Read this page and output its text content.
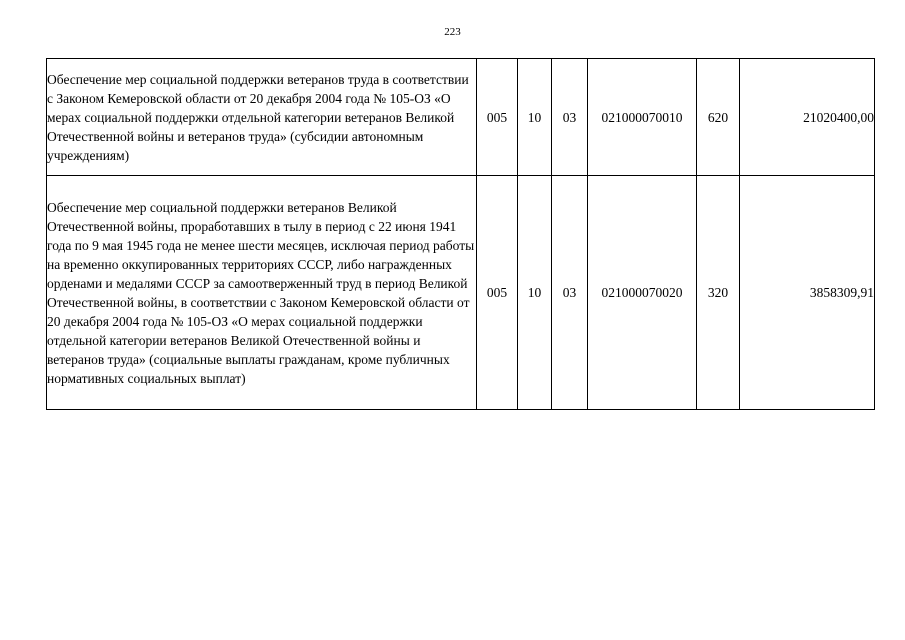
223
Обеспечение мер социальной поддержки ветеранов труда в соответствии с Законом Кемеровской области от 20 декабря 2004 года № 105-ОЗ «О мерах социальной поддержки отдельной категории ветеранов Великой Отечественной войны и ветеранов труда» (субсидии автономным учреждениям)	005	10	03	021000070010	620	21020400,00
Обеспечение мер социальной поддержки ветеранов Великой Отечественной войны, проработавших в тылу в период с 22 июня 1941 года по 9 мая 1945 года не менее шести месяцев, исключая период работы на временно оккупированных территориях СССР, либо награжденных орденами и медалями СССР за самоотверженный труд в период Великой Отечественной войны, в соответствии с Законом Кемеровской области от 20 декабря 2004 года № 105-ОЗ «О мерах социальной поддержки отдельной категории ветеранов Великой Отечественной войны и ветеранов труда» (социальные выплаты гражданам, кроме публичных нормативных социальных выплат)	005	10	03	021000070020	320	3858309,91
